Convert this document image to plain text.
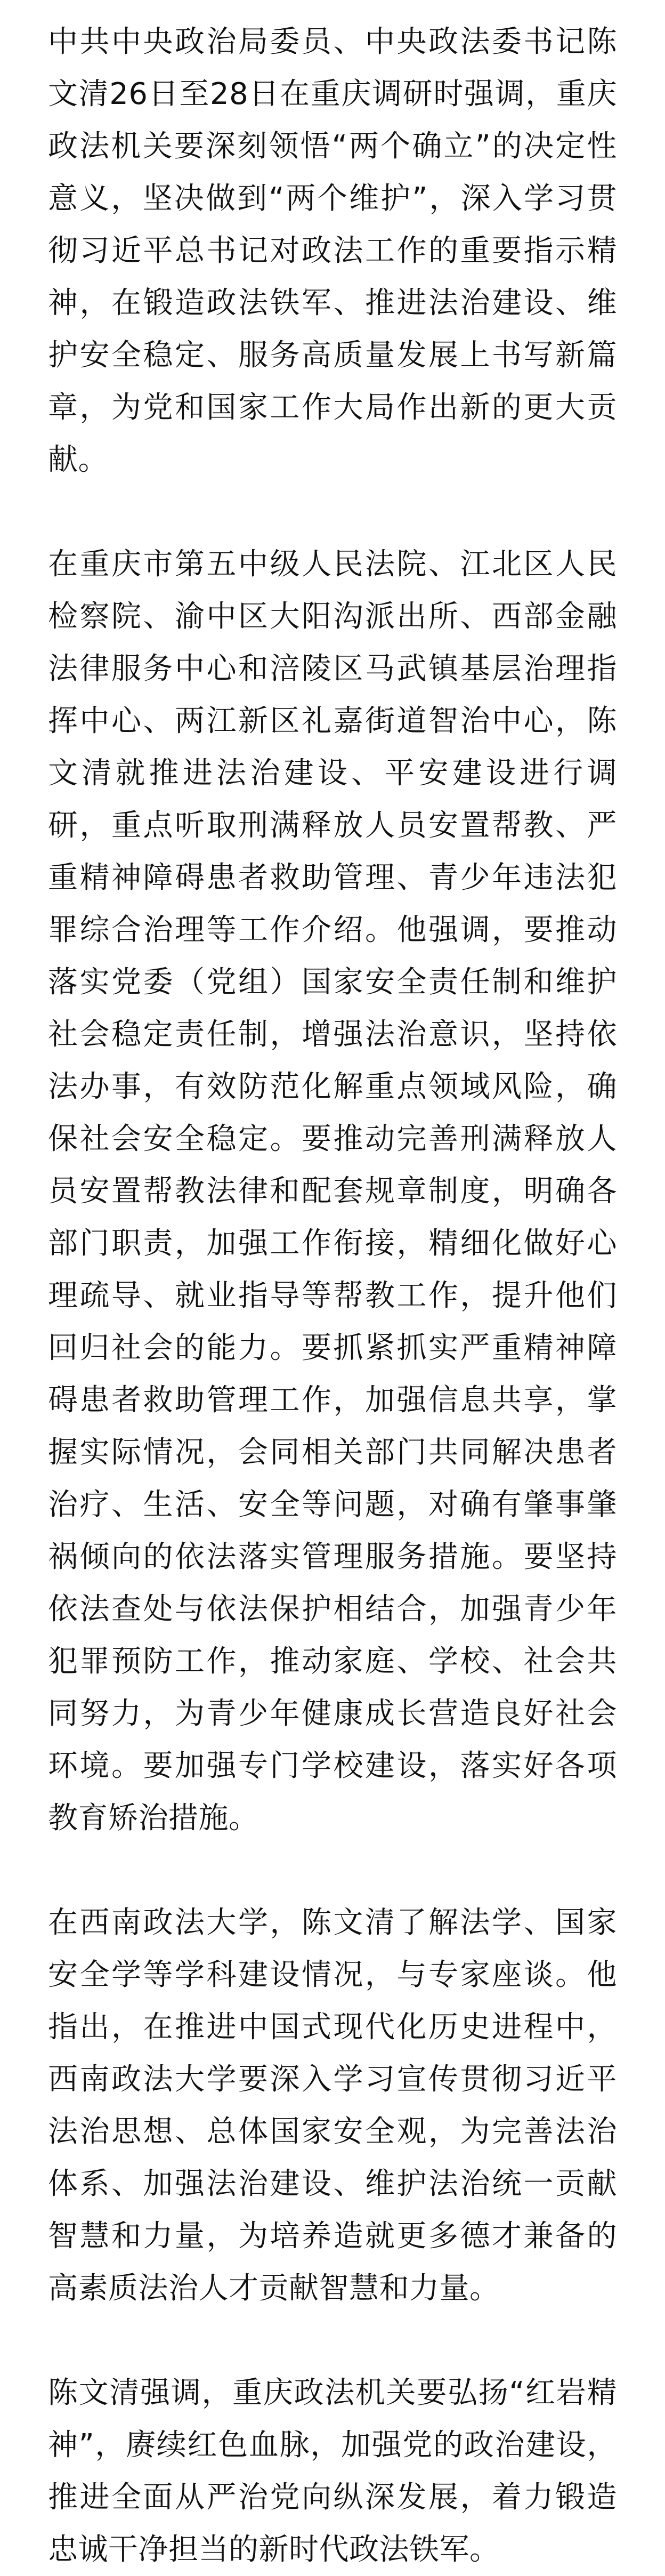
中共中央政治局委员、中央政法委书记陈文清26日至28日在重庆调研时强调，重庆政法机关要深刻领悟“两个确立”的决定性意义，坚决做到“两个维护”，深入学习贯彻习近平总书记对政法工作的重要指示精神，在锻造政法铁军、推进法治建设、维护安全稳定、服务高质量发展上书写新篇章，为党和国家工作大局作出新的更大贡献。

在重庆市第五中级人民法院、江北区人民检察院、渝中区大阳沟派出所、西部金融法律服务中心和涪陵区马武镇基层治理指挥中心、两江新区礼嘉街道智治中心，陈文清就推进法治建设、平安建设进行调研，重点听取刑满释放人员安置帮教、严重精神障碍患者救助管理、青少年违法犯罪综合治理等工作介绍。他强调，要推动落实党委（党组）国家安全责任制和维护社会稳定责任制，增强法治意识，坚持依法办事，有效防范化解重点领域风险，确保社会安全稳定。要推动完善刑满释放人员安置帮教法律和配套规章制度，明确各部门职责，加强工作衔接，精细化做好心理疏导、就业指导等帮教工作，提升他们回归社会的能力。要抓紧抓实严重精神障碍患者救助管理工作，加强信息共享，掌握实际情况，会同相关部门共同解决患者治疗、生活、安全等问题，对确有肇事肇祸倾向的依法落实管理服务措施。要坚持依法查处与依法保护相结合，加强青少年犯罪预防工作，推动家庭、学校、社会共同努力，为青少年健康成长营造良好社会环境。要加强专门学校建设，落实好各项教育矫治措施。

在西南政法大学，陈文清了解法学、国家安全学等学科建设情况，与专家座谈。他指出，在推进中国式现代化历史进程中，西南政法大学要深入学习宣传贯彻习近平法治思想、总体国家安全观，为完善法治体系、加强法治建设、维护法治统一贡献智慧和力量，为培养造就更多德才兼备的高素质法治人才贡献智慧和力量。

陈文清强调，重庆政法机关要弘扬“红岩精神”，赓续红色血脉，加强党的政治建设，推进全面从严治党向纵深发展，着力锻造忠诚干净担当的新时代政法铁军。
